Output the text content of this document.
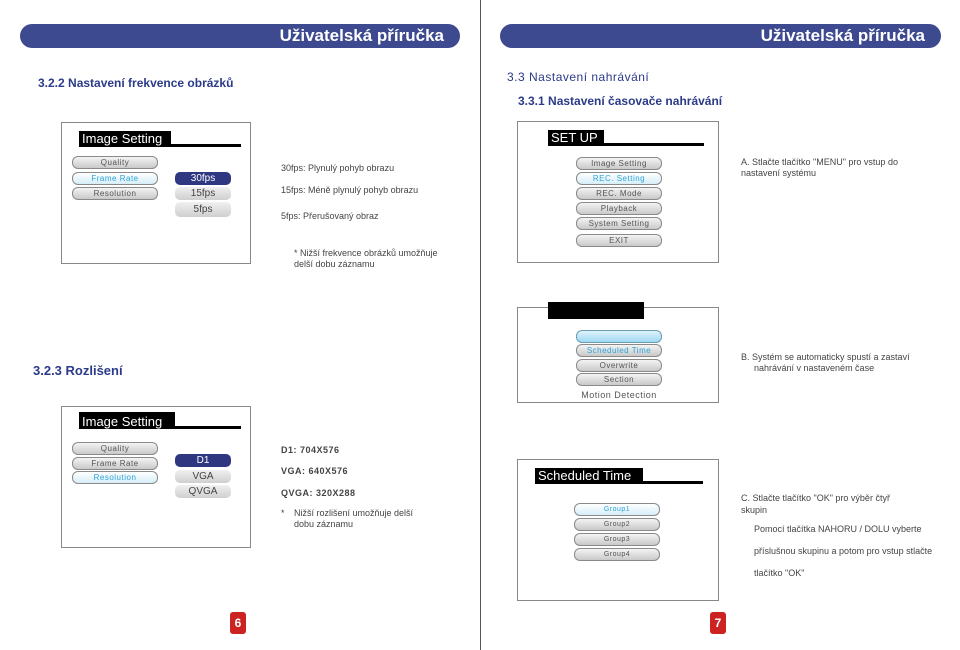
Uživatelská příručka
3.2.2 Nastavení frekvence obrázků
Image Setting
Quality
Frame Rate
Resolution
30fps
15fps
5fps
30fps: Plynulý pohyb obrazu
15fps: Méně plynulý pohyb obrazu
5fps: Přerušovaný obraz
* Nižší frekvence obrázků umožňuje delší dobu záznamu
3.2.3 Rozlišení
Image Setting
Quality
Frame Rate
Resolution
D1
VGA
QVGA
D1: 704X576
VGA: 640X576
QVGA: 320X288
* Nižší rozlišení umožňuje delší dobu záznamu
6
Uživatelská příručka
3.3 Nastavení nahrávání
3.3.1 Nastavení časovače nahrávání
SET UP
Image Setting
REC. Setting
REC. Mode
Playback
System Setting
EXIT
A. Stlačte tlačítko "MENU" pro vstup do nastavení systému
Scheduled Time
Overwrite
Section
Motion Detection
B. Systém se automaticky spustí a zastaví
nahrávání v nastaveném čase
Scheduled Time
Group1
Group2
Group3
Group4
C. Stlačte tlačítko "OK" pro výběr čtyř
skupin
Pomocí tlačítka NAHORU / DOLU vyberte
příslušnou skupinu a potom pro vstup stlačte
tlačítko "OK"
7
